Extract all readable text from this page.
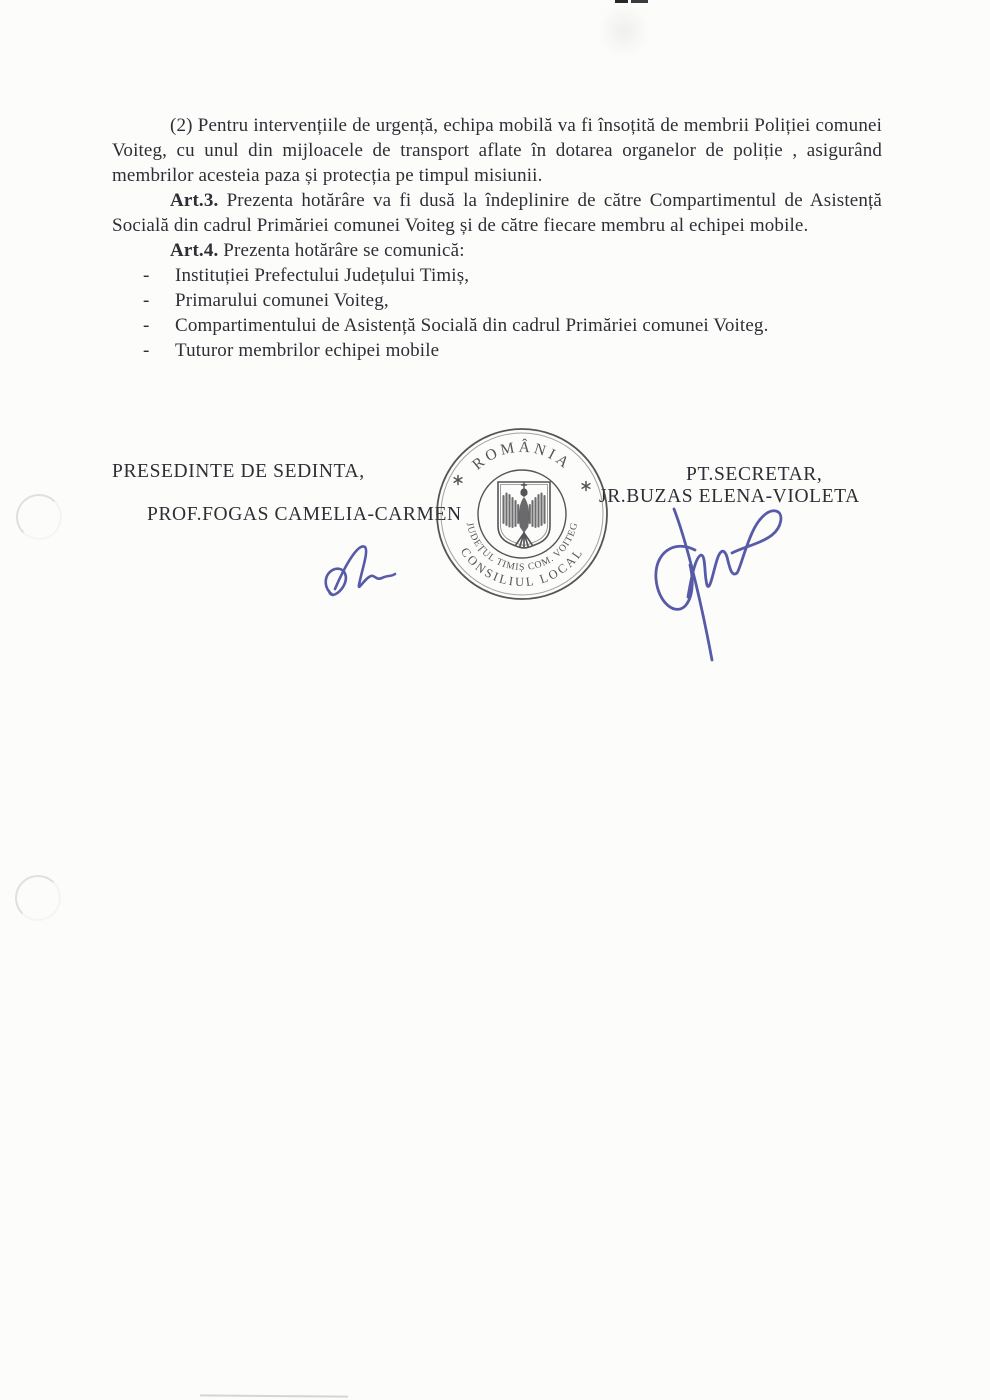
(2) Pentru intervențiile de urgență, echipa mobilă va fi însoțită de membrii Poliției comunei Voiteg, cu unul din mijloacele de transport aflate în dotarea organelor de poliție , asigurând membrilor acesteia paza și protecția pe timpul misiunii.

Art.3. Prezenta hotărâre va fi dusă la îndeplinire de către Compartimentul de Asistență Socială din cadrul Primăriei comunei Voiteg și de către fiecare membru al echipei mobile.

Art.4. Prezenta hotărâre se comunică:

- Instituției Prefectului Județului Timiș,
- Primarului comunei Voiteg,
- Compartimentului de Asistență Socială din cadrul Primăriei comunei Voiteg.
- Tuturor membrilor echipei mobile
PRESEDINTE DE SEDINTA,
PROF.FOGAS CAMELIA-CARMEN
PT.SECRETAR,
JR.BUZAS ELENA-VIOLETA
ROMÂNIA
JUDEȚUL TIMIȘ COM. VOITEG
CONSILIUL LOCAL
